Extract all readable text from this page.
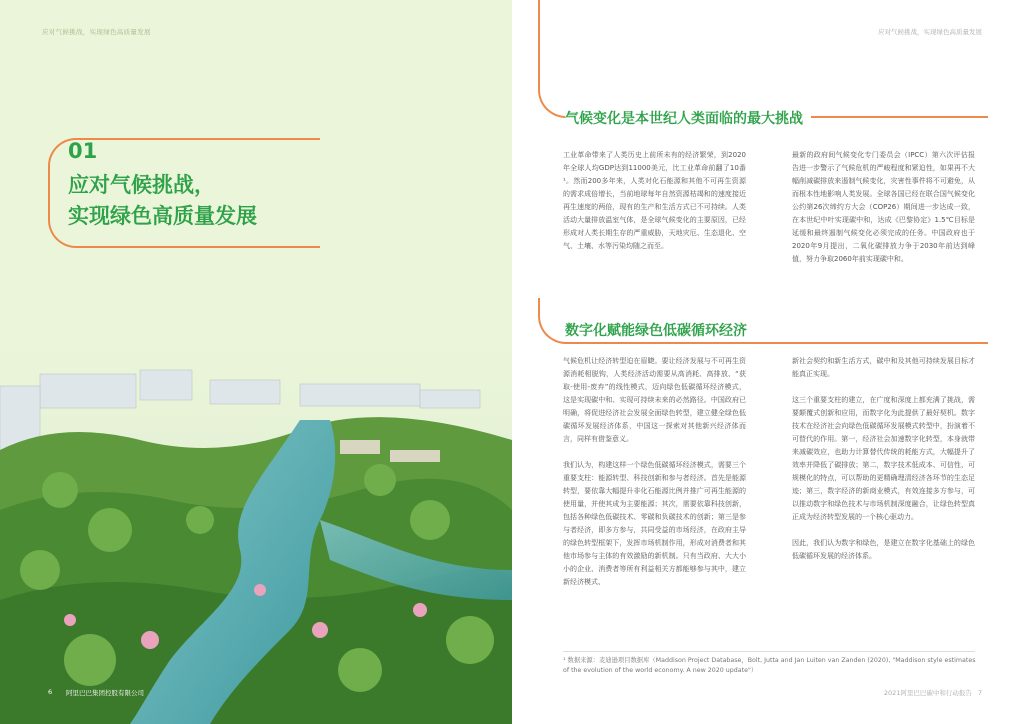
应对气候挑战，实现绿色高质量发展
01
应对气候挑战，
实现绿色高质量发展
6 阿里巴巴集团控股有限公司
应对气候挑战，实现绿色高质量发展
气候变化是本世纪人类面临的最大挑战

工业革命带来了人类历史上前所未有的经济繁荣，到2020年全球人均GDP达到11000美元，比工业革命前翻了10番¹。然而200多年来，人类对化石能源和其他不可再生资源的需求成倍增长，当前地球每年自然资源枯竭和的速度接近再生速度的两倍，现有的生产和生活方式已不可持续。人类活动大量排放温室气体，是全球气候变化的主要原因，已经形成对人类长期生存的严重威胁，天地灾厄、生态退化、空气、土壤、水等污染均随之而至。

最新的政府间气候变化专门委员会（IPCC）第六次评估报告进一步警示了气候危机的严峻程度和紧迫性，如果再不大幅削减碳排放来遏制气候变化，灾害性事件将不可避免，从而根本性地影响人类发展。全球各国已经在联合国气候变化公约第26次缔约方大会（COP26）期间进一步达成一致，在本世纪中叶实现碳中和，达成《巴黎协定》1.5℃目标是延缓和最终遏制气候变化必须完成的任务。中国政府也于2020年9月提出，二氧化碳排放力争于2030年前达到峰值，努力争取2060年前实现碳中和。

数字化赋能绿色低碳循环经济

气候危机让经济转型迫在眉睫。要让经济发展与不可再生资源消耗相脱钩，人类经济活动需要从高消耗、高排放、“获取-使用-废弃”的线性模式，迈向绿色低碳循环经济模式，这是实现碳中和、实现可持续未来的必然路径。中国政府已明确，将促进经济社会发展全面绿色转型，建立健全绿色低碳循环发展经济体系，中国这一探索对其他新兴经济体而言，同样有借鉴意义。

我们认为，构建这样一个绿色低碳循环经济模式，需要三个重要支柱：能源转型、科技创新和参与者经济。首先是能源转型，要依靠大幅提升非化石能源比例并推广可再生能源的使用量，并使其成为主要能源；其次，需要依靠科技创新，包括各种绿色低碳技术、零碳和负碳技术的创新；第三是参与者经济，即多方参与，共同受益的市场经济，在政府主导的绿色转型框架下，发挥市场机制作用，形成对消费者和其他市场参与主体的有效激励的新机制。只有当政府、大大小小的企业、消费者等所有利益相关方都能够参与其中，建立新经济模式、

新社会契约和新生活方式，碳中和及其他可持续发展目标才能真正实现。

这三个重要支柱的建立，在广度和深度上都充满了挑战，需要颠覆式创新和应用，而数字化为此提供了最好契机。数字技术在经济社会向绿色低碳循环发展模式转型中，扮演着不可替代的作用。第一，经济社会加速数字化转型，本身就带来减碳效应，也助力计算替代传统的耗能方式，大幅提升了效率并降低了碳排放；第二，数字技术低成本、可信性、可规模化的特点，可以帮助的更精确理清经济各环节的生态足迹；第三，数字经济的新商业模式，有效连接多方参与，可以推动数字和绿色技术与市场机制深度融合，让绿色转型真正成为经济转型发展的一个核心驱动力。

因此，我们认为数字和绿色，是建立在数字化基础上的绿色低碳循环发展的经济体系。

¹ 数据来源：麦迪逊项目数据库（Maddison Project Database，Bolt, Jutta and Jan Luiten van Zanden (2020), "Maddison style estimates of the evolution of the world economy. A new 2020 update"）
2021阿里巴巴碳中和行动报告 7
